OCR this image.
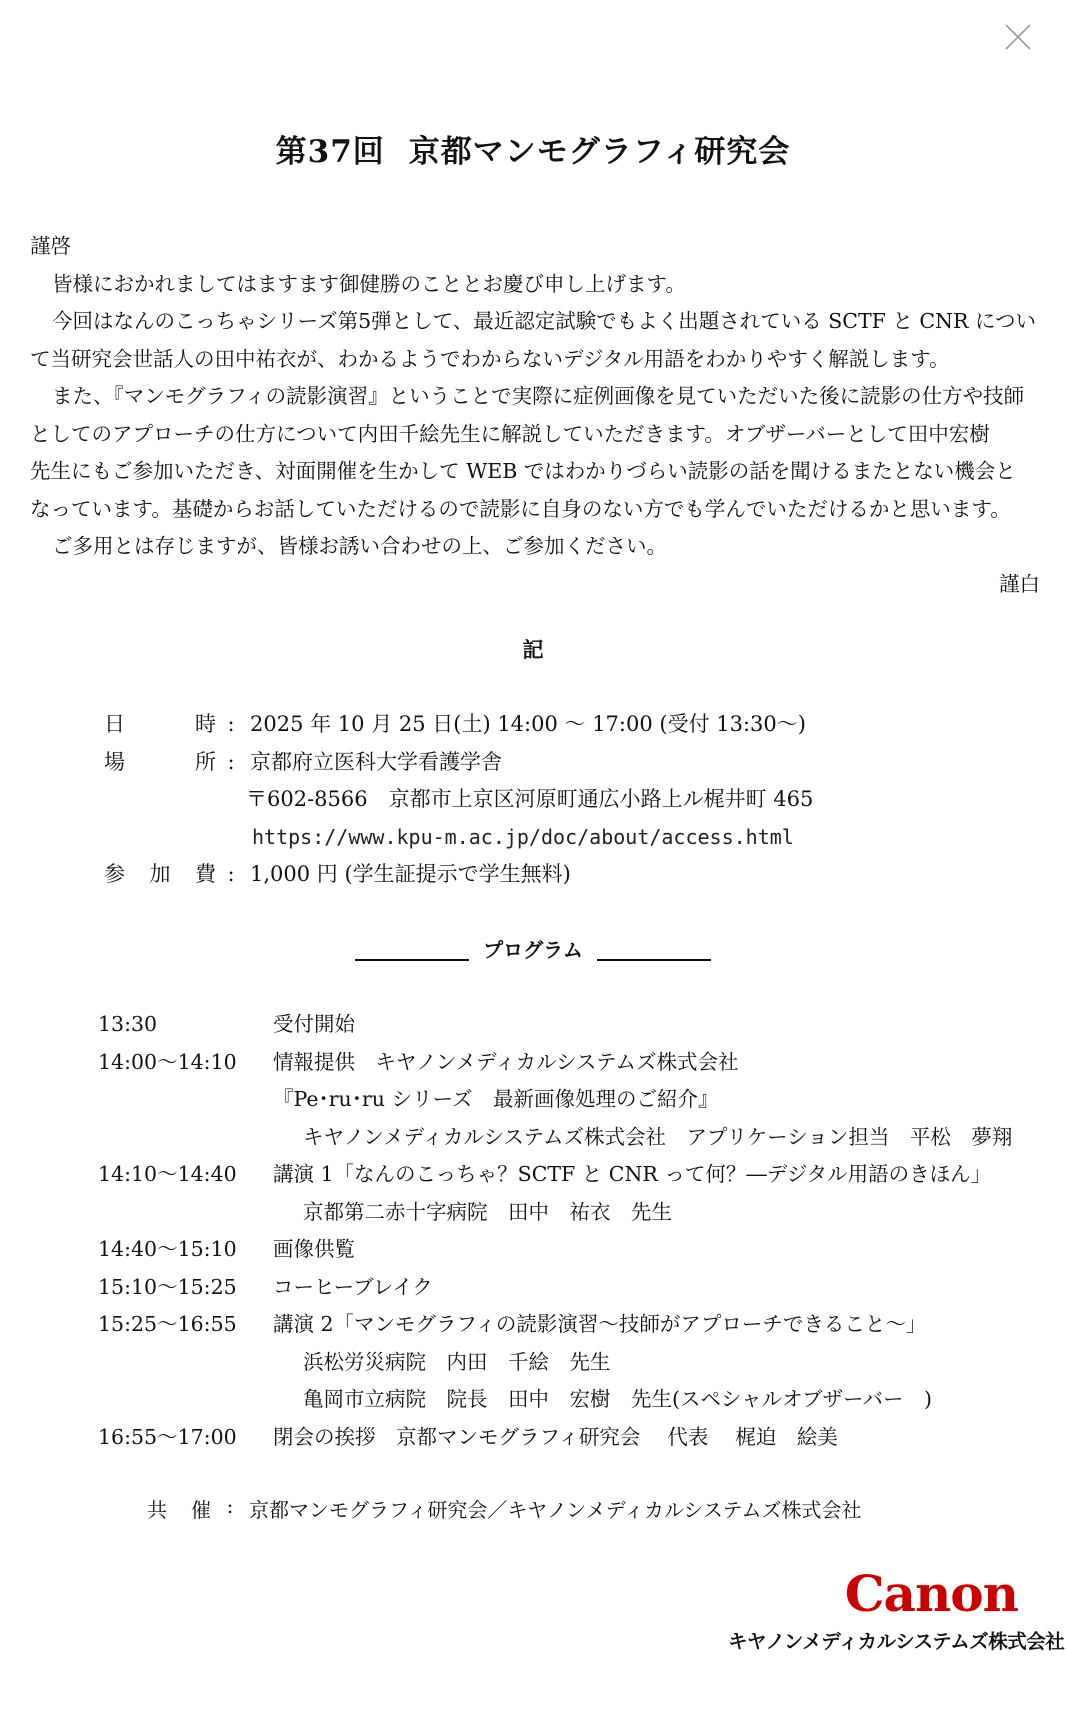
第37回 京都マンモグラフィ研究会

謹啓

皆様におかれましてはますます御健勝のこととお慶び申し上げます。

今回はなんのこっちゃシリーズ第5弾として、最近認定試験でもよく出題されている SCTF と CNR につい

て当研究会世話人の田中祐衣が、わかるようでわからないデジタル用語をわかりやすく解説します。

また、『マンモグラフィの読影演習』ということで実際に症例画像を見ていただいた後に読影の仕方や技師

としてのアプローチの仕方について内田千絵先生に解説していただきます。オブザーバーとして田中宏樹

先生にもご参加いただき、対面開催を生かして WEB ではわかりづらい読影の話を聞けるまたとない機会と

なっています。基礎からお話していただけるので読影に自身のない方でも学んでいただけるかと思います。

ご多用とは存じますが、皆様お誘い合わせの上、ご参加ください。

謹白

記
日	時 : 2025 年 10 月 25 日(土) 14:00 ～ 17:00 (受付 13:30～)
場	所 : 京都府立医科大学看護学舎
〒602-8566　京都市上京区河原町通広小路上ル梶井町 465
https://www.kpu-m.ac.jp/doc/about/access.html
参 加 費 : 1,000 円 (学生証提示で学生無料)
プログラム
13:30	受付開始
14:00～14:10	情報提供　キヤノンメディカルシステムズ株式会社
『Pe･ru･ru シリーズ　最新画像処理のご紹介』
キヤノンメディカルシステムズ株式会社　アプリケーション担当　平松　夢翔
14:10～14:40	講演 1「なんのこっちゃ？SCTF と CNR って何？―デジタル用語のきほん」
京都第二赤十字病院　田中　祐衣　先生
14:40～15:10	画像供覧
15:10～15:25	コーヒーブレイク
15:25～16:55	講演 2「マンモグラフィの読影演習～技師がアプローチできること～」
浜松労災病院　内田　千絵　先生
亀岡市立病院　院長　田中　宏樹　先生(スペシャルオブザーバー　)
16:55～17:00	閉会の挨拶　京都マンモグラフィ研究会　 代表　 梶迫　絵美
共 催 : 京都マンモグラフィ研究会／キヤノンメディカルシステムズ株式会社
Canon
キヤノンメディカルシステムズ株式会社
